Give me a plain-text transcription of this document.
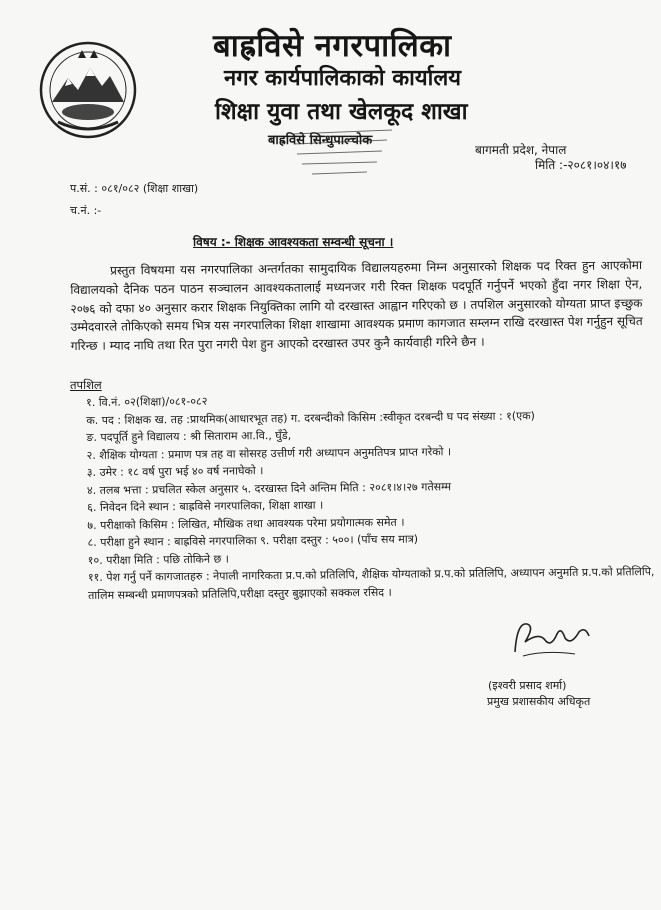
बाह्रविसे नगरपालिका
नगर कार्यपालिकाको कार्यालय
शिक्षा युवा तथा खेलकूद शाखा
बाह्रविसे सिन्धुपाल्चोक
बागमती प्रदेश, नेपाल
मिति :-२०८१।०४।१७
प.सं. : ०८१/०८२ (शिक्षा शाखा)
च.नं. :-
विषय :- शिक्षक आवश्यकता सम्वन्धी सूचना ।
प्रस्तुत विषयमा यस नगरपालिका अन्तर्गतका सामुदायिक विद्यालयहरुमा निम्न अनुसारको शिक्षक पद रिक्त हुन आएकोमा विद्यालयको दैनिक पठन पाठन सञ्चालन आवश्यकतालाई मध्यनजर गरी रिक्त शिक्षक पदपूर्ति गर्नुपर्ने भएकाे हुँदा नगर शिक्षा ऐन, २०७६ को दफा ४० अनुसार करार शिक्षक नियुक्तिका लागि यो दरखास्त आह्वान गरिएको छ । तपशिल अनुसारको योग्यता प्राप्त इच्छुक उम्मेदवारले तोकिएको समय भित्र यस नगरपालिका शिक्षा शाखामा आवश्यक प्रमाण कागजात सम्लग्न राखि दरखास्त पेश गर्नुहुन सूचित गरिन्छ । म्याद नाघि तथा रित पुरा नगरी पेश हुन आएको दरखास्त उपर कुनै कार्यवाही गरिने छैन ।
तपशिल
१. वि.नं. ०२(शिक्षा)/०८१-०८२
क. पद : शिक्षक ख. तह :प्राथमिक(आधारभूत तह) ग. दरबन्दीको किसिम :स्वीकृत दरबन्दी घ पद संख्या : १(एक)
ङ. पदपूर्ति हुने विद्यालय : श्री सिताराम आ.वि., घुँडे,
२. शैक्षिक योग्यता : प्रमाण पत्र तह वा सोसरह उत्तीर्ण गरी अध्यापन अनुमतिपत्र प्राप्त गरेको ।
३. उमेर : १८ वर्ष पुरा भई ४० वर्ष ननाघेको ।
४. तलब भत्ता : प्रचलित स्केल अनुसार ५. दरखास्त दिने अन्तिम मिति : २०८१।४।२७ गतेसम्म
६. निवेदन दिने स्थान : बाह्रविसे नगरपालिका, शिक्षा शाखा ।
७. परीक्षाको किसिम : लिखित, मौखिक तथा आवश्यक परेमा प्रयोगात्मक समेत ।
८. परीक्षा हुने स्थान : बाह्रविसे नगरपालिका ९. परीक्षा दस्तुर : ५००। (पाँच सय मात्र)
१०. परीक्षा मिति : पछि तोकिने छ ।
११. पेश गर्नु पर्ने कागजातहरु : नेपाली नागरिकता प्र.प.को प्रतिलिपि, शैक्षिक योग्यताको प्र.प.को प्रतिलिपि, अध्यापन अनुमति प्र.प.को प्रतिलिपि, तालिम सम्बन्धी प्रमाणपत्रको प्रतिलिपि,परीक्षा दस्तुर बुझाएको सक्कल रसिद ।
(इश्वरी प्रसाद शर्मा)
प्रमुख प्रशासकीय अधिकृत
